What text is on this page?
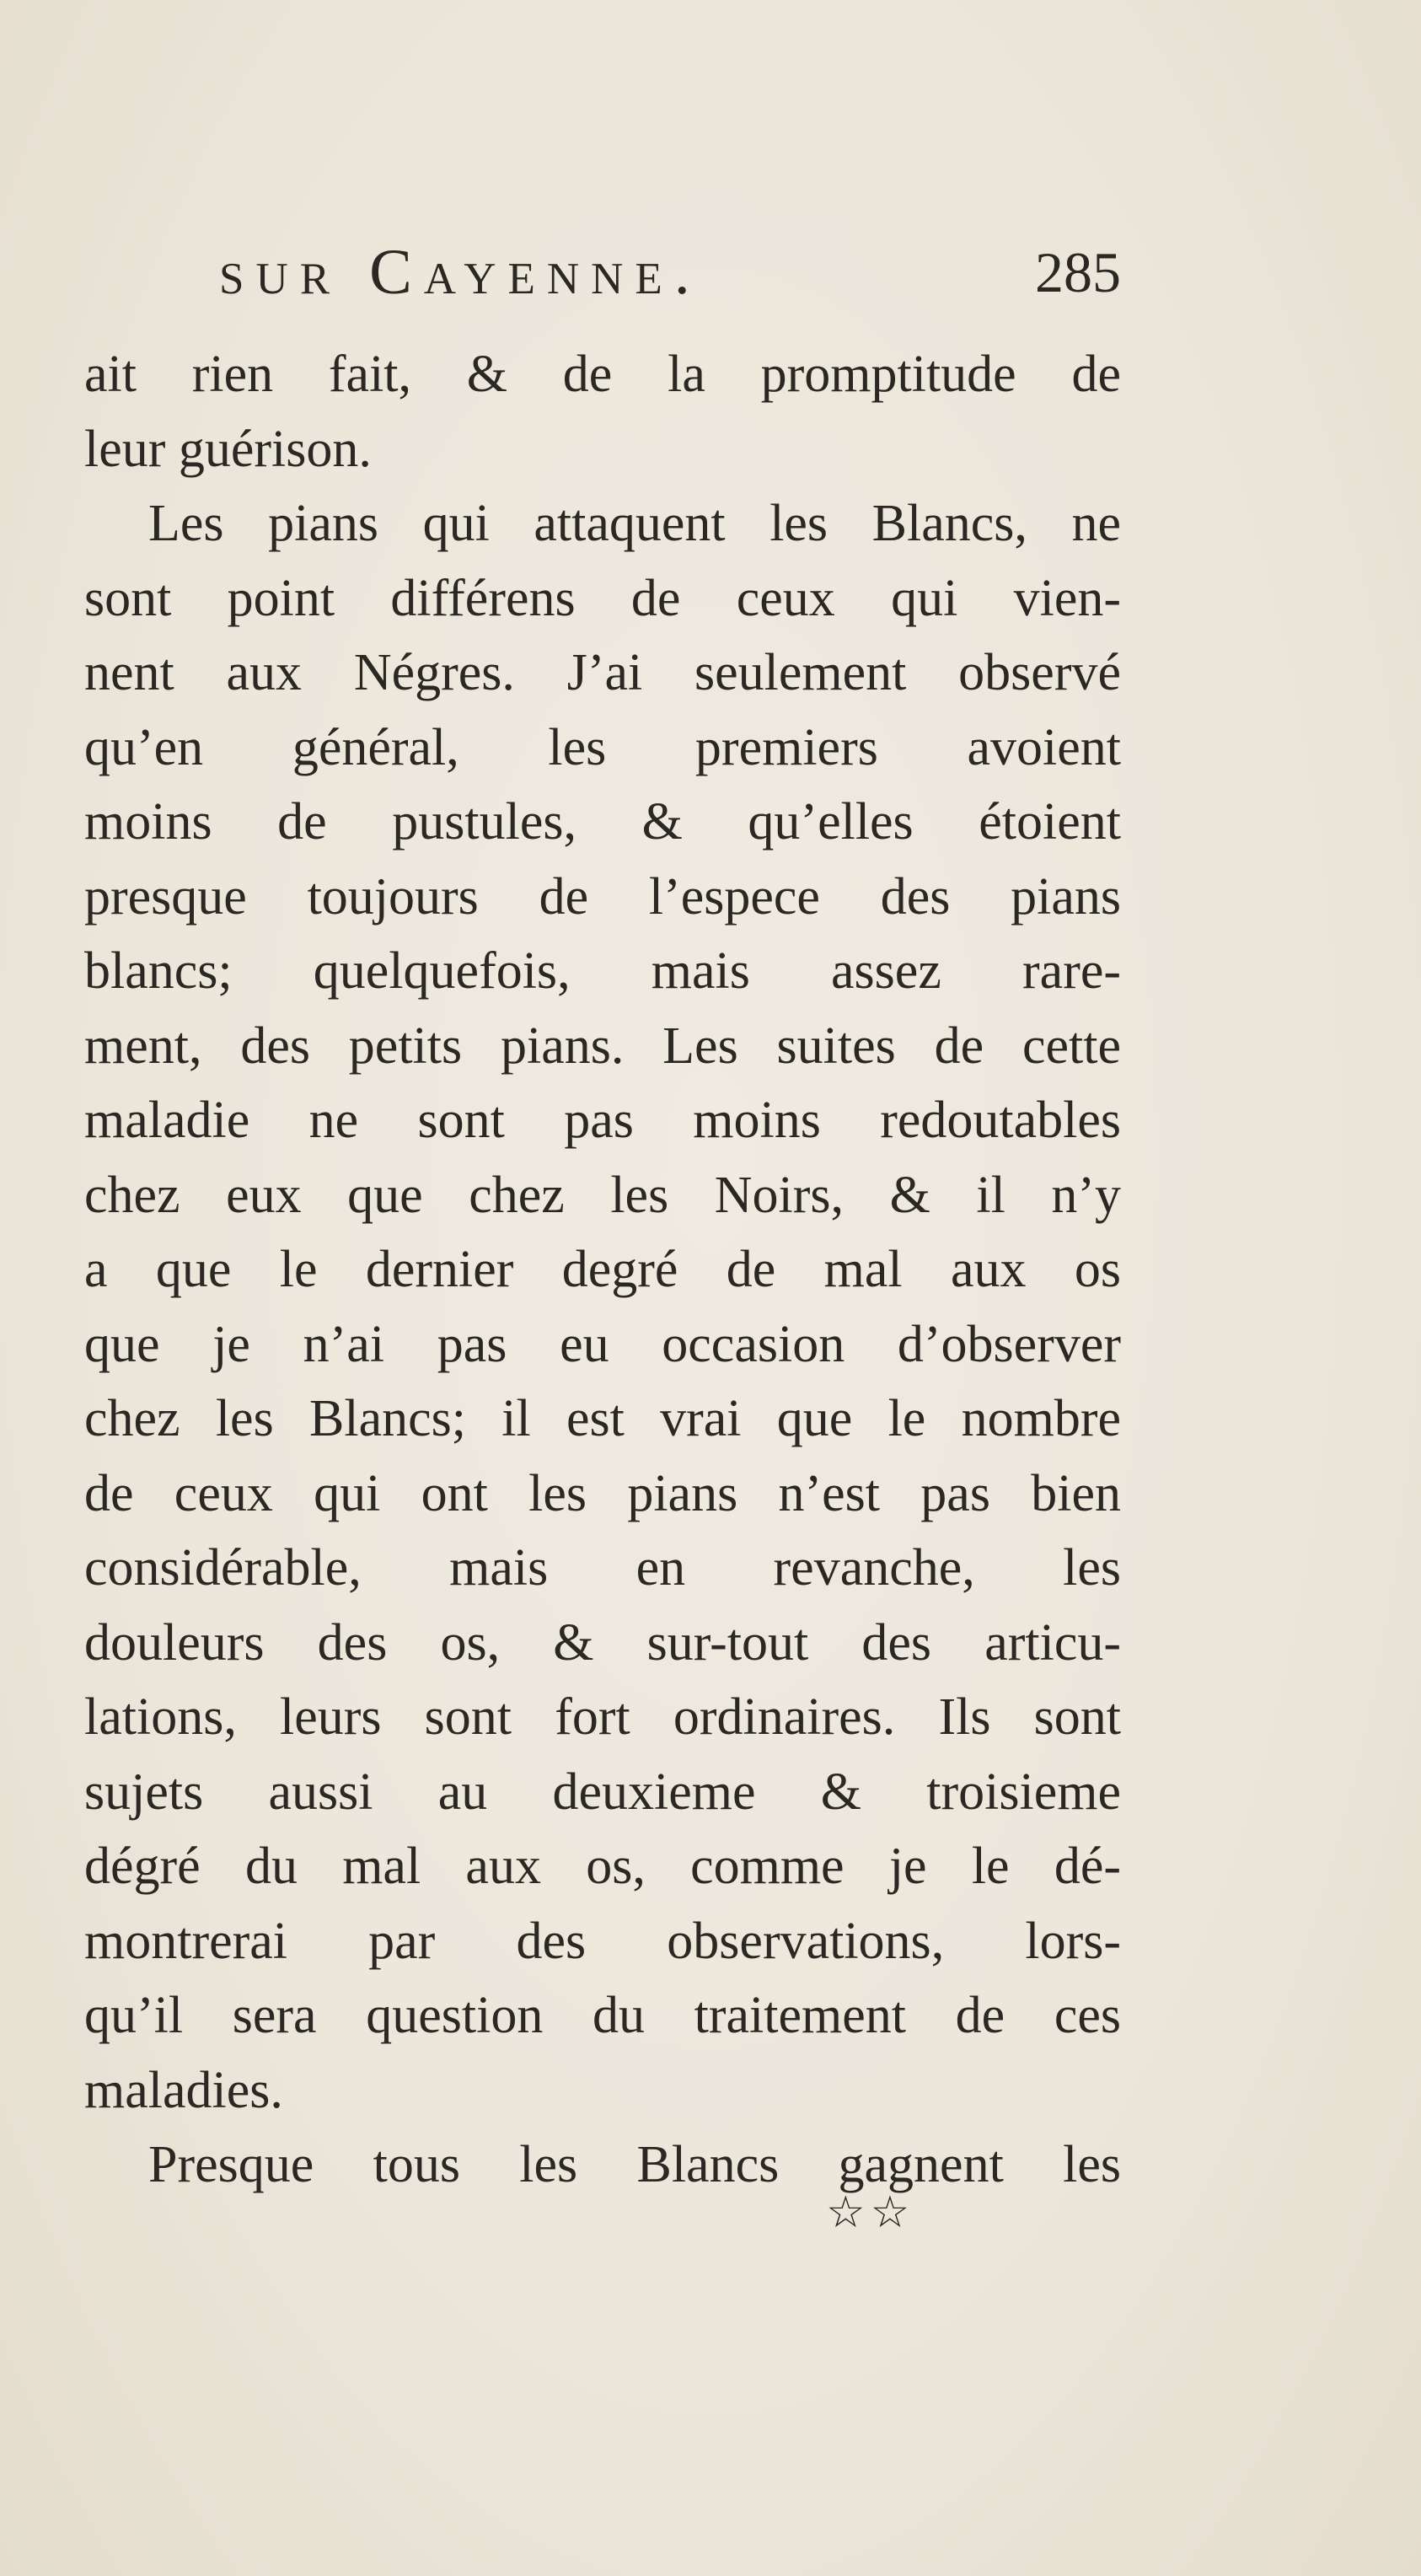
sur Cayenne.	285
ait rien fait, & de la promptitude de
leur guérison.
Les pians qui attaquent les Blancs, ne
sont point différens de ceux qui vien-
nent aux Négres. J’ai seulement observé
qu’en général, les premiers avoient
moins de pustules, & qu’elles étoient
presque toujours de l’espece des pians
blancs; quelquefois, mais assez rare-
ment, des petits pians. Les suites de cette
maladie ne sont pas moins redoutables
chez eux que chez les Noirs, & il n’y
a que le dernier degré de mal aux os
que je n’ai pas eu occasion d’observer
chez les Blancs; il est vrai que le nombre
de ceux qui ont les pians n’est pas bien
considérable, mais en revanche, les
douleurs des os, & sur-tout des articu-
lations, leurs sont fort ordinaires. Ils sont
sujets aussi au deuxieme & troisieme
dégré du mal aux os, comme je le dé-
montrerai par des observations, lors-
qu’il sera question du traitement de ces
maladies.
Presque tous les Blancs gagnent les
☆☆
